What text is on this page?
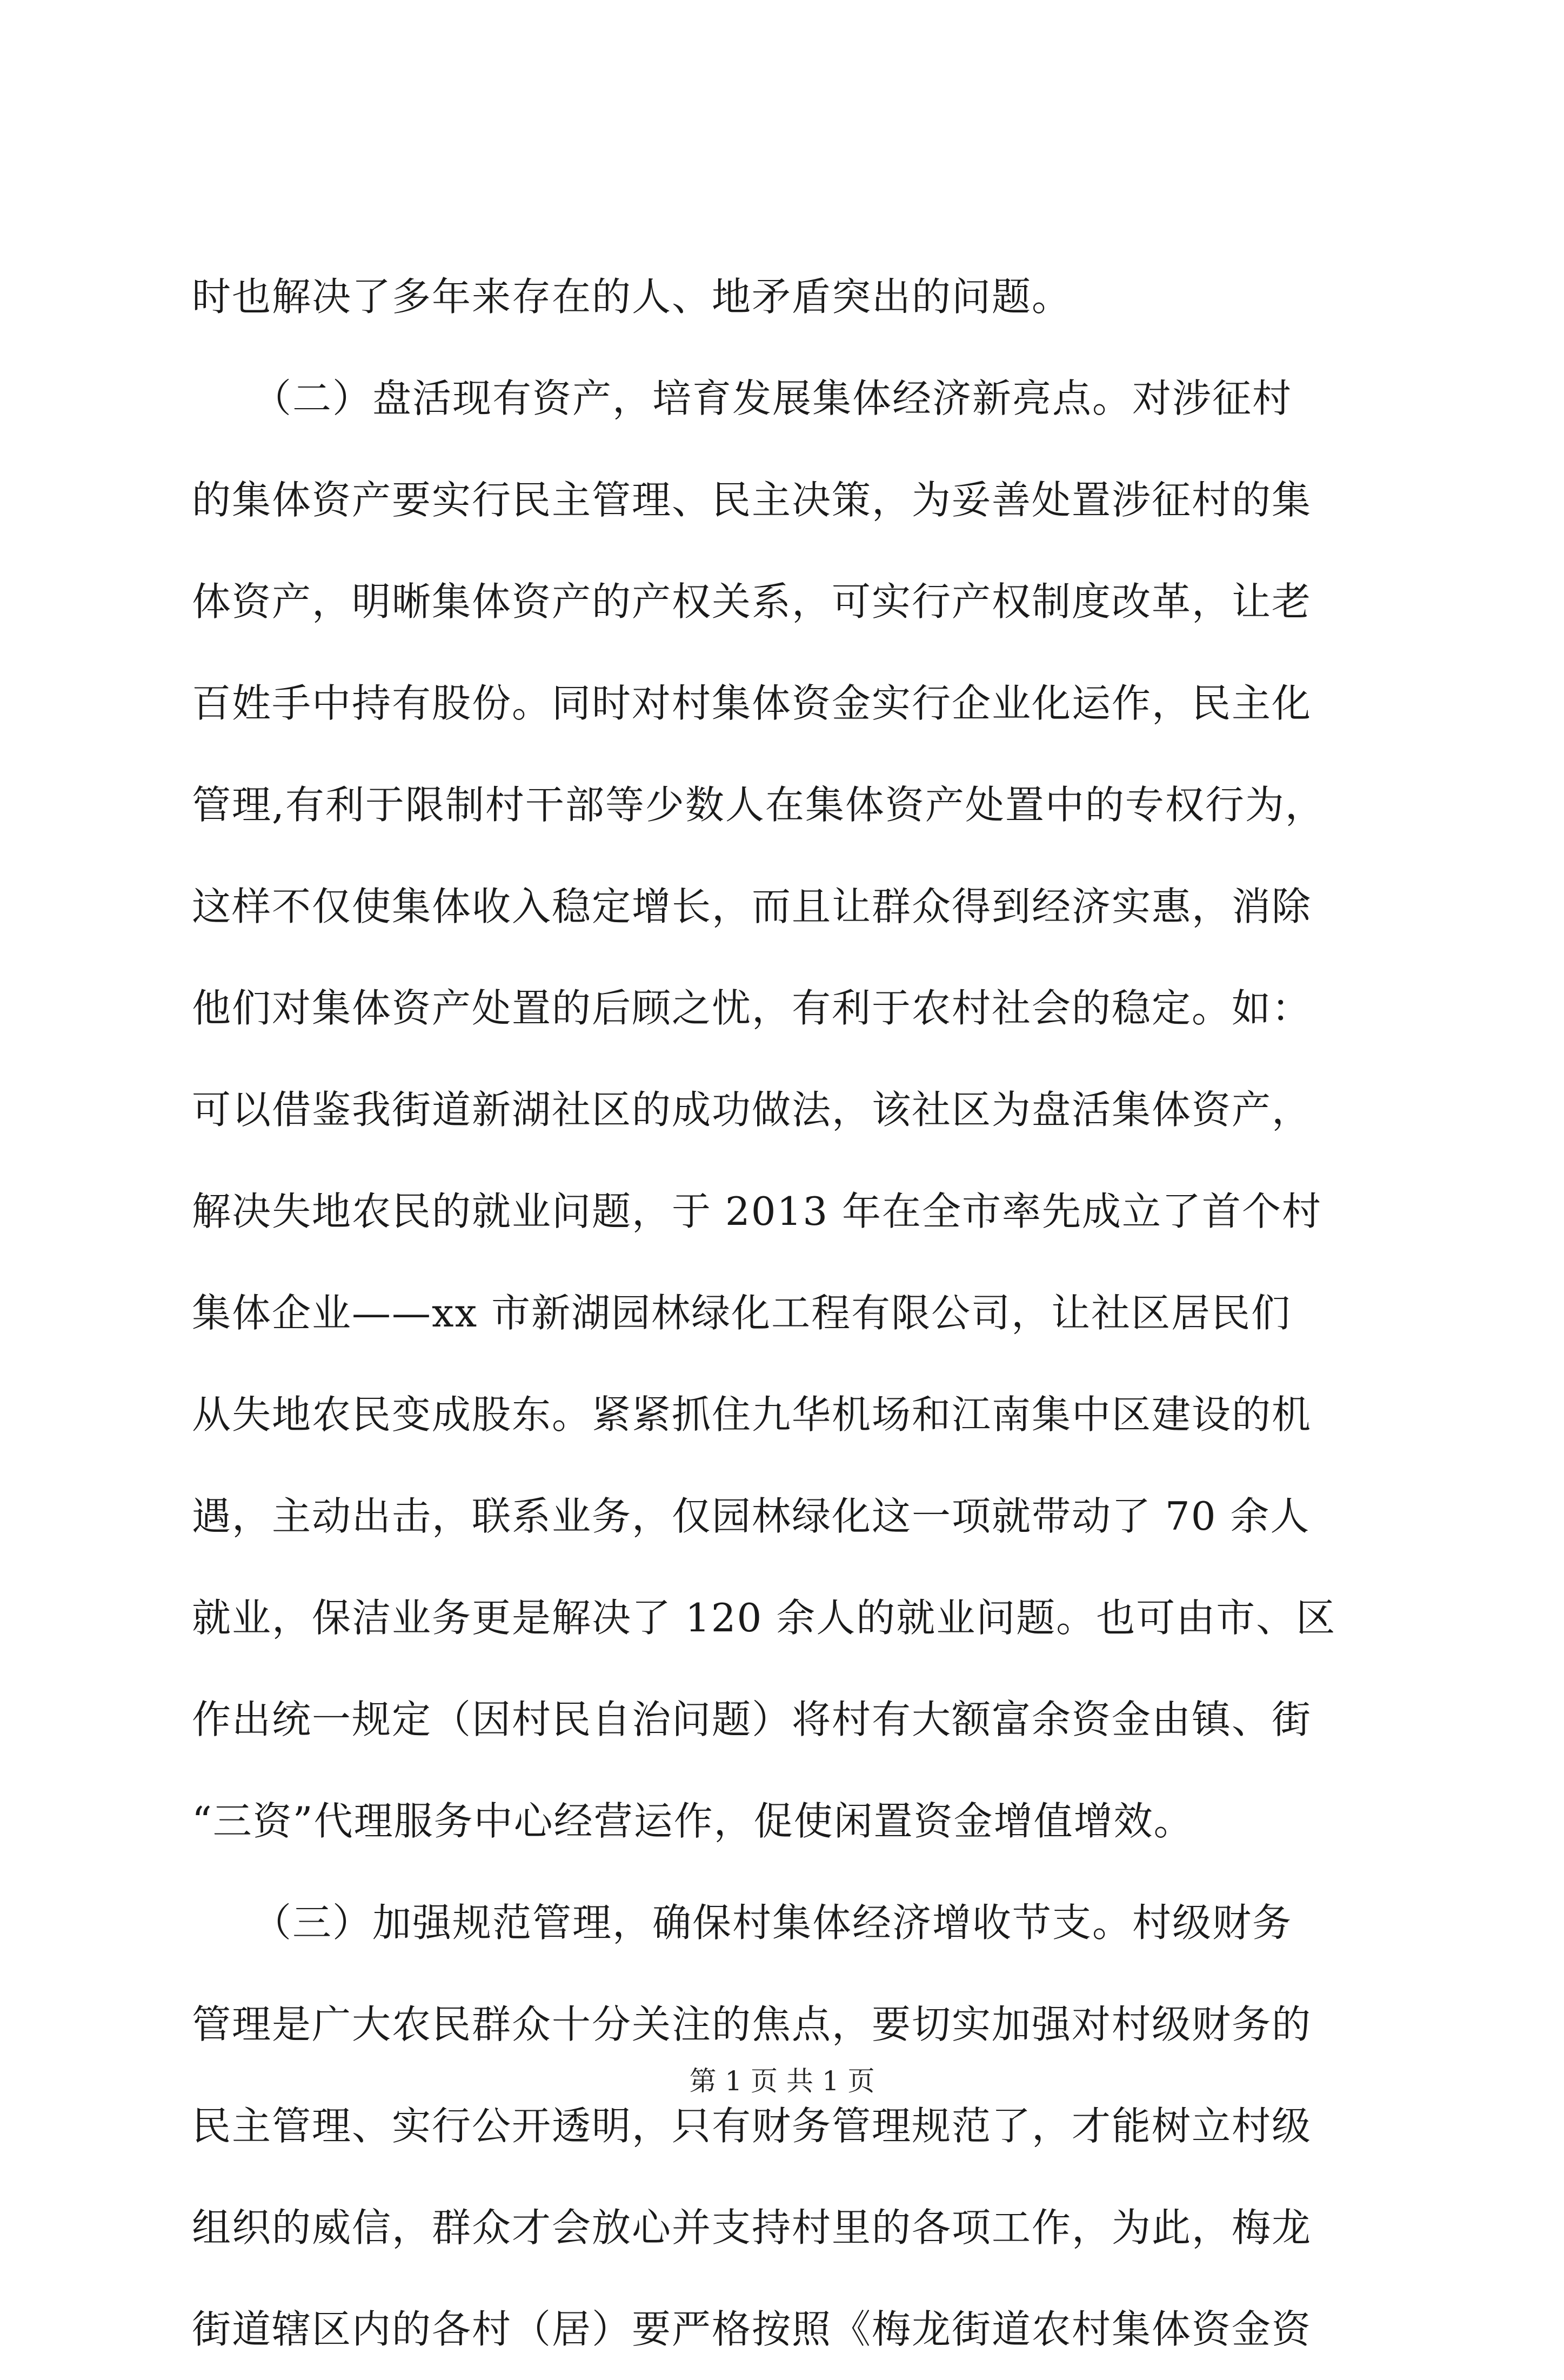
时也解决了多年来存在的人、地矛盾突出的问题。
　　（二）盘活现有资产，培育发展集体经济新亮点。对涉征村
的集体资产要实行民主管理、民主决策，为妥善处置涉征村的集
体资产，明晰集体资产的产权关系，可实行产权制度改革，让老
百姓手中持有股份。同时对村集体资金实行企业化运作，民主化
管理,有利于限制村干部等少数人在集体资产处置中的专权行为，
这样不仅使集体收入稳定增长，而且让群众得到经济实惠，消除
他们对集体资产处置的后顾之忧，有利于农村社会的稳定。如：
可以借鉴我街道新湖社区的成功做法，该社区为盘活集体资产，
解决失地农民的就业问题，于 2013 年在全市率先成立了首个村
集体企业——xx 市新湖园林绿化工程有限公司，让社区居民们
从失地农民变成股东。紧紧抓住九华机场和江南集中区建设的机
遇，主动出击，联系业务，仅园林绿化这一项就带动了 70 余人
就业，保洁业务更是解决了 120 余人的就业问题。也可由市、区
作出统一规定（因村民自治问题）将村有大额富余资金由镇、街
“三资”代理服务中心经营运作，促使闲置资金增值增效。
　　（三）加强规范管理，确保村集体经济增收节支。村级财务
管理是广大农民群众十分关注的焦点，要切实加强对村级财务的
民主管理、实行公开透明，只有财务管理规范了，才能树立村级
组织的威信，群众才会放心并支持村里的各项工作，为此，梅龙
街道辖区内的各村（居）要严格按照《梅龙街道农村集体资金资
第 1 页 共 1 页
